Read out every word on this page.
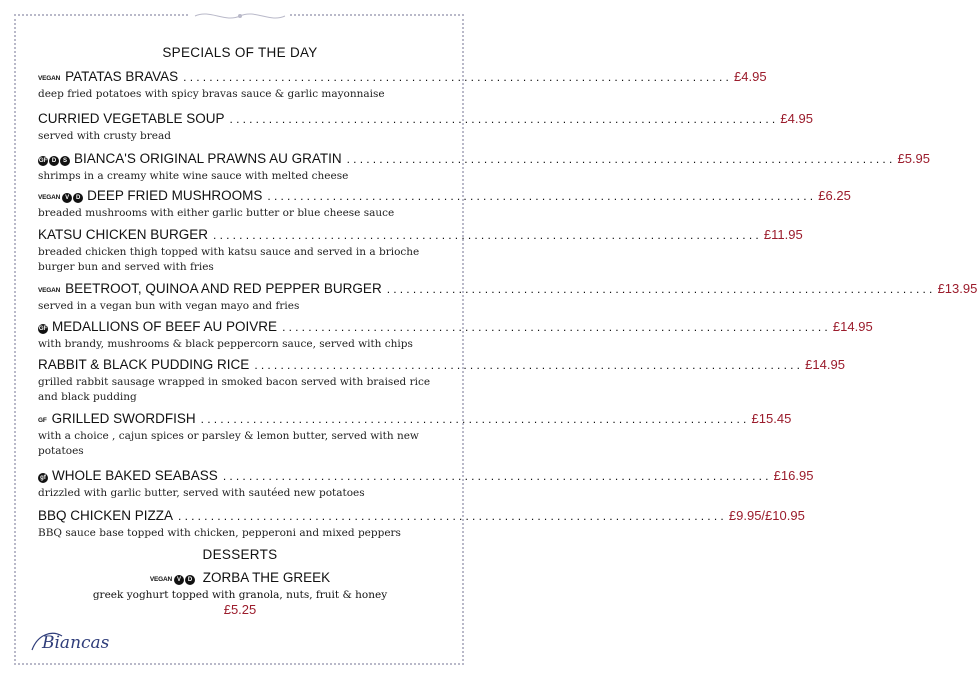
SPECIALS OF THE DAY
VEGAN PATATAS BRAVAS .................................................................................... £4.95
deep fried potatoes with spicy bravas sauce & garlic mayonnaise
CURRIED VEGETABLE SOUP .................................................................................... £4.95
served with crusty bread
GF D	S BIANCA'S ORIGINAL PRAWNS AU GRATIN .................................................................................... £5.95
shrimps in a creamy white wine sauce with melted cheese
VEGAN V	D DEEP FRIED MUSHROOMS .................................................................................... £6.25
breaded mushrooms with either garlic butter or blue cheese sauce
KATSU CHICKEN BURGER .................................................................................... £11.95
breaded chicken thigh topped with katsu sauce and served in a brioche burger bun and served with fries
VEGAN BEETROOT, QUINOA AND RED PEPPER BURGER .................................................................................... £13.95
served in a vegan bun with vegan mayo and fries
GF MEDALLIONS OF BEEF AU POIVRE .................................................................................... £14.95
with brandy, mushrooms & black peppercorn sauce, served with chips
RABBIT & BLACK PUDDING RICE .................................................................................... £14.95
grilled rabbit sausage wrapped in smoked bacon served with braised rice and black pudding
GF GRILLED SWORDFISH .................................................................................... £15.45
with a choice , cajun spices or parsley & lemon butter, served with new potatoes
gf WHOLE BAKED SEABASS .................................................................................... £16.95
drizzled with garlic butter, served with sautéed new potatoes
BBQ CHICKEN PIZZA .................................................................................... £9.95/£10.95
BBQ sauce base topped with chicken, pepperoni and mixed peppers
DESSERTS
VEGAN V	D ZORBA THE GREEK
greek yoghurt topped with granola, nuts, fruit & honey
£5.25
Biancas
